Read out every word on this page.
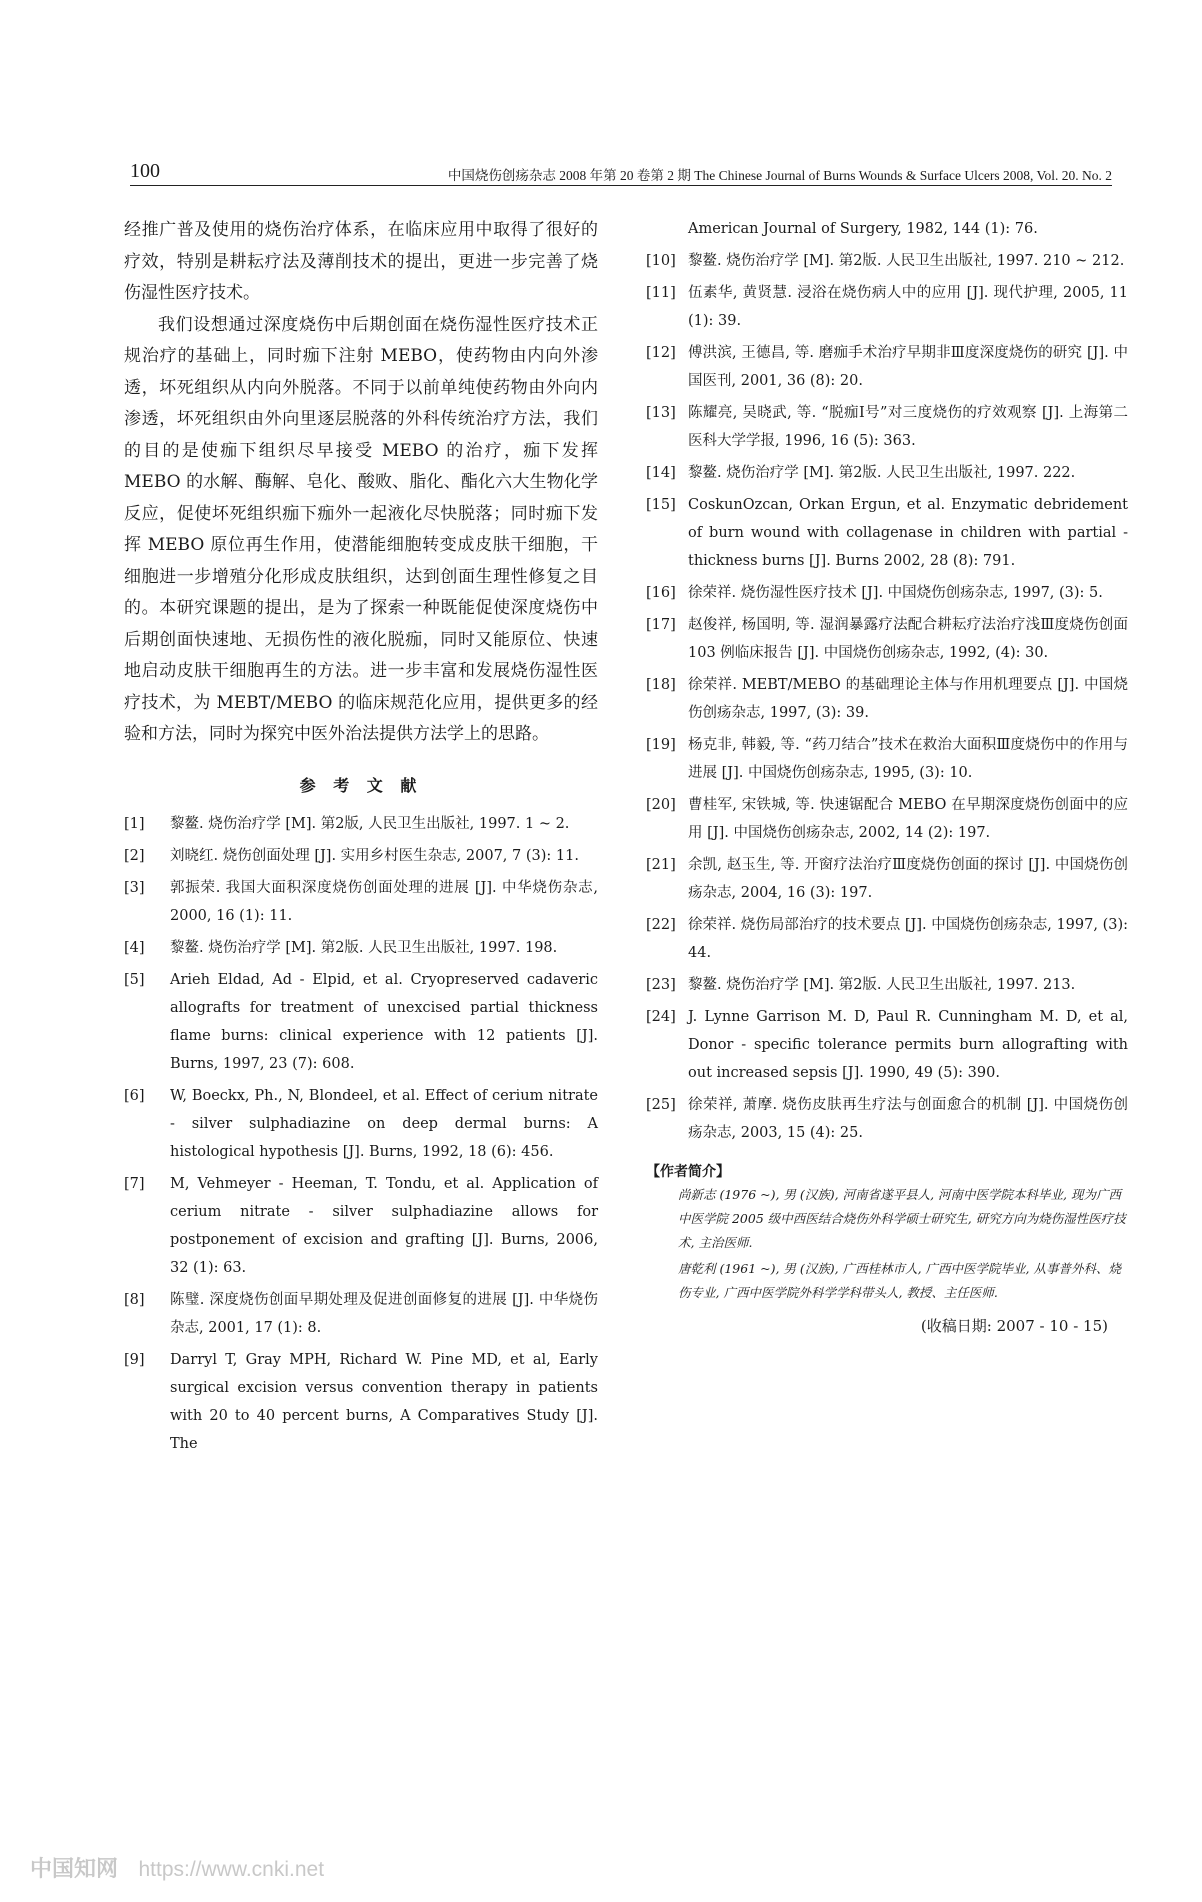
100	中国烧伤创疡杂志 2008 年第 20 卷第 2 期 The Chinese Journal of Burns Wounds & Surface Ulcers 2008, Vol. 20. No. 2

经推广普及使用的烧伤治疗体系，在临床应用中取得了很好的疗效，特别是耕耘疗法及薄削技术的提出，更进一步完善了烧伤湿性医疗技术。

我们设想通过深度烧伤中后期创面在烧伤湿性医疗技术正规治疗的基础上，同时痂下注射 MEBO，使药物由内向外渗透，坏死组织从内向外脱落。不同于以前单纯使药物由外向内渗透，坏死组织由外向里逐层脱落的外科传统治疗方法，我们的目的是使痂下组织尽早接受 MEBO 的治疗，痂下发挥 MEBO 的水解、酶解、皂化、酸败、脂化、酯化六大生物化学反应，促使坏死组织痂下痂外一起液化尽快脱落；同时痂下发挥 MEBO 原位再生作用，使潜能细胞转变成皮肤干细胞，干细胞进一步增殖分化形成皮肤组织，达到创面生理性修复之目的。本研究课题的提出，是为了探索一种既能促使深度烧伤中后期创面快速地、无损伤性的液化脱痂，同时又能原位、快速地启动皮肤干细胞再生的方法。进一步丰富和发展烧伤湿性医疗技术，为 MEBT/MEBO 的临床规范化应用，提供更多的经验和方法，同时为探究中医外治法提供方法学上的思路。

参 考 文 献
[1] 黎鳌. 烧伤治疗学 [M]. 第2版, 人民卫生出版社, 1997. 1 ~ 2.
[2] 刘晓红. 烧伤创面处理 [J]. 实用乡村医生杂志, 2007, 7 (3): 11.
[3] 郭振荣. 我国大面积深度烧伤创面处理的进展 [J]. 中华烧伤杂志, 2000, 16 (1): 11.
[4] 黎鳌. 烧伤治疗学 [M]. 第2版. 人民卫生出版社, 1997. 198.
[5] Arieh Eldad, Ad - Elpid, et al. Cryopreserved cadaveric allografts for treatment of unexcised partial thickness flame burns: clinical experience with 12 patients [J]. Burns, 1997, 23 (7): 608.
[6] W, Boeckx, Ph., N, Blondeel, et al. Effect of cerium nitrate - silver sulphadiazine on deep dermal burns: A histological hypothesis [J]. Burns, 1992, 18 (6): 456.
[7] M, Vehmeyer - Heeman, T. Tondu, et al. Application of cerium nitrate - silver sulphadiazine allows for postponement of excision and grafting [J]. Burns, 2006, 32 (1): 63.
[8] 陈璧. 深度烧伤创面早期处理及促进创面修复的进展 [J]. 中华烧伤杂志, 2001, 17 (1): 8.
[9] Darryl T, Gray MPH, Richard W. Pine MD, et al, Early surgical excision versus convention therapy in patients with 20 to 40 percent burns, A Comparatives Study [J]. The
American Journal of Surgery, 1982, 144 (1): 76.
[10] 黎鳌. 烧伤治疗学 [M]. 第2版. 人民卫生出版社, 1997. 210 ~ 212.
[11] 伍素华, 黄贤慧. 浸浴在烧伤病人中的应用 [J]. 现代护理, 2005, 11 (1): 39.
[12] 傅洪滨, 王德昌, 等. 磨痂手术治疗早期非Ⅲ度深度烧伤的研究 [J]. 中国医刊, 2001, 36 (8): 20.
[13] 陈耀亮, 吴晓武, 等. “脱痂Ⅰ号”对三度烧伤的疗效观察 [J]. 上海第二医科大学学报, 1996, 16 (5): 363.
[14] 黎鳌. 烧伤治疗学 [M]. 第2版. 人民卫生出版社, 1997. 222.
[15] CoskunOzcan, Orkan Ergun, et al. Enzymatic debridement of burn wound with collagenase in children with partial - thickness burns [J]. Burns 2002, 28 (8): 791.
[16] 徐荣祥. 烧伤湿性医疗技术 [J]. 中国烧伤创疡杂志, 1997, (3): 5.
[17] 赵俊祥, 杨国明, 等. 湿润暴露疗法配合耕耘疗法治疗浅Ⅲ度烧伤创面 103 例临床报告 [J]. 中国烧伤创疡杂志, 1992, (4): 30.
[18] 徐荣祥. MEBT/MEBO 的基础理论主体与作用机理要点 [J]. 中国烧伤创疡杂志, 1997, (3): 39.
[19] 杨克非, 韩毅, 等. “药刀结合”技术在救治大面积Ⅲ度烧伤中的作用与进展 [J]. 中国烧伤创疡杂志, 1995, (3): 10.
[20] 曹桂军, 宋铁城, 等. 快速锯配合 MEBO 在早期深度烧伤创面中的应用 [J]. 中国烧伤创疡杂志, 2002, 14 (2): 197.
[21] 余凯, 赵玉生, 等. 开窗疗法治疗Ⅲ度烧伤创面的探讨 [J]. 中国烧伤创疡杂志, 2004, 16 (3): 197.
[22] 徐荣祥. 烧伤局部治疗的技术要点 [J]. 中国烧伤创疡杂志, 1997, (3): 44.
[23] 黎鳌. 烧伤治疗学 [M]. 第2版. 人民卫生出版社, 1997. 213.
[24] J. Lynne Garrison M. D, Paul R. Cunningham M. D, et al, Donor - specific tolerance permits burn allografting with out increased sepsis [J]. 1990, 49 (5): 390.
[25] 徐荣祥, 萧摩. 烧伤皮肤再生疗法与创面愈合的机制 [J]. 中国烧伤创疡杂志, 2003, 15 (4): 25.
【作者简介】
尚新志 (1976 ~), 男 (汉族), 河南省遂平县人, 河南中医学院本科毕业, 现为广西中医学院 2005 级中西医结合烧伤外科学硕士研究生, 研究方向为烧伤湿性医疗技术, 主治医师.
唐乾利 (1961 ~), 男 (汉族), 广西桂林市人, 广西中医学院毕业, 从事普外科、烧伤专业, 广西中医学院外科学学科带头人, 教授、主任医师.
(收稿日期: 2007 - 10 - 15)
中国知网 https://www.cnki.net
